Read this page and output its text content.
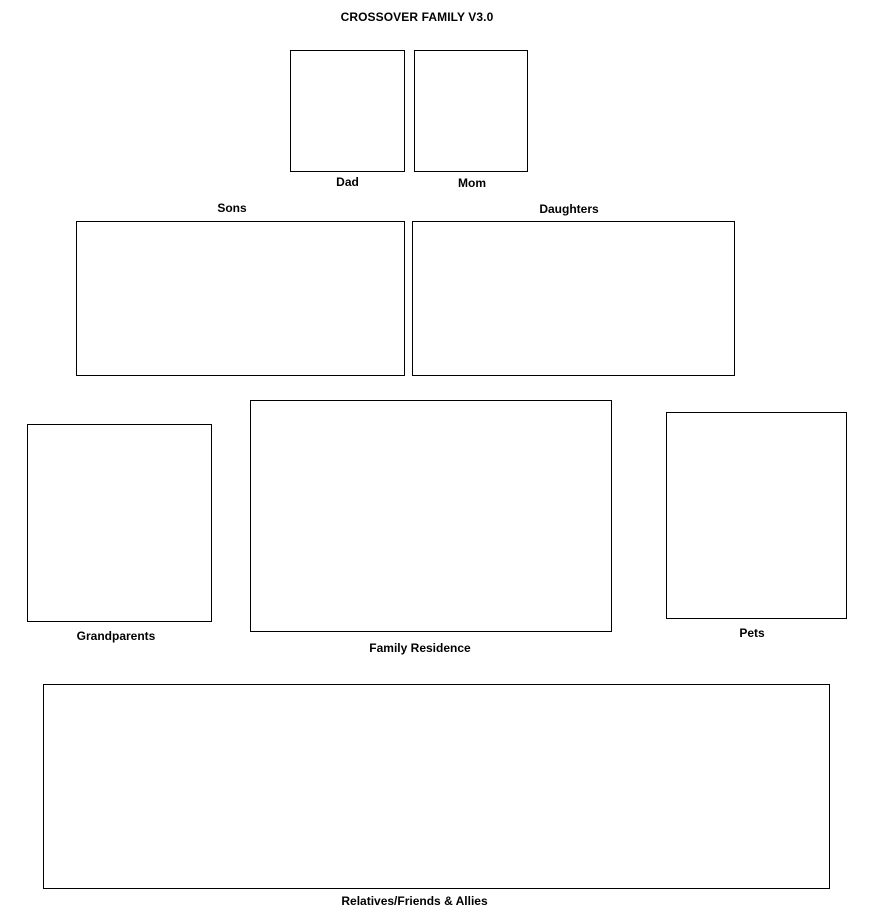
CROSSOVER FAMILY V3.0
Dad	Mom
Sons	Daughters
Grandparents
Family Residence
Pets
Relatives/Friends & Allies
